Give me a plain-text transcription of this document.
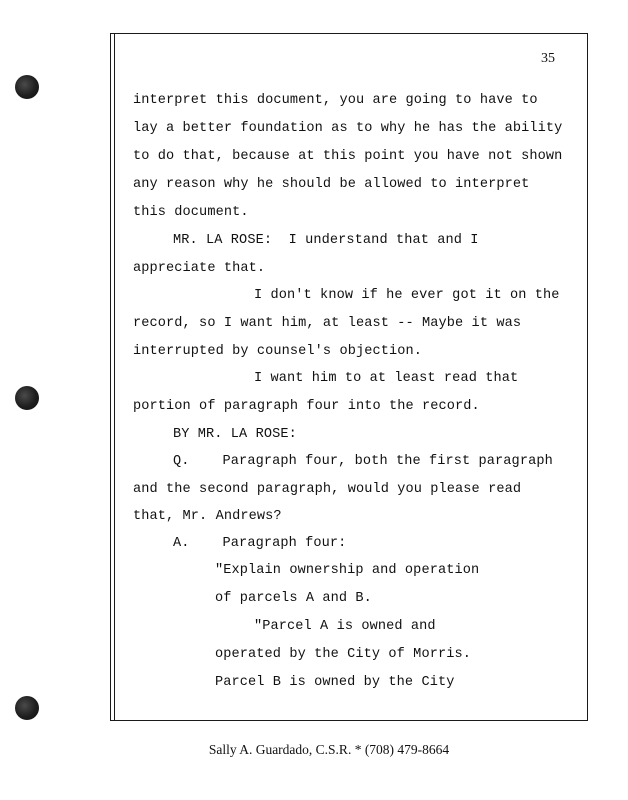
35
interpret this document, you are going to have to
lay a better foundation as to why he has the ability
to do that, because at this point you have not shown
any reason why he should be allowed to interpret
this document.
MR. LA ROSE:  I understand that and I
appreciate that.
I don't know if he ever got it on the
record, so I want him, at least -- Maybe it was
interrupted by counsel's objection.
I want him to at least read that
portion of paragraph four into the record.
BY MR. LA ROSE:
Q.    Paragraph four, both the first paragraph
and the second paragraph, would you please read
that, Mr. Andrews?
A.    Paragraph four:
"Explain ownership and operation
of parcels A and B.
"Parcel A is owned and
operated by the City of Morris.
Parcel B is owned by the City
Sally A. Guardado, C.S.R. * (708) 479-8664
